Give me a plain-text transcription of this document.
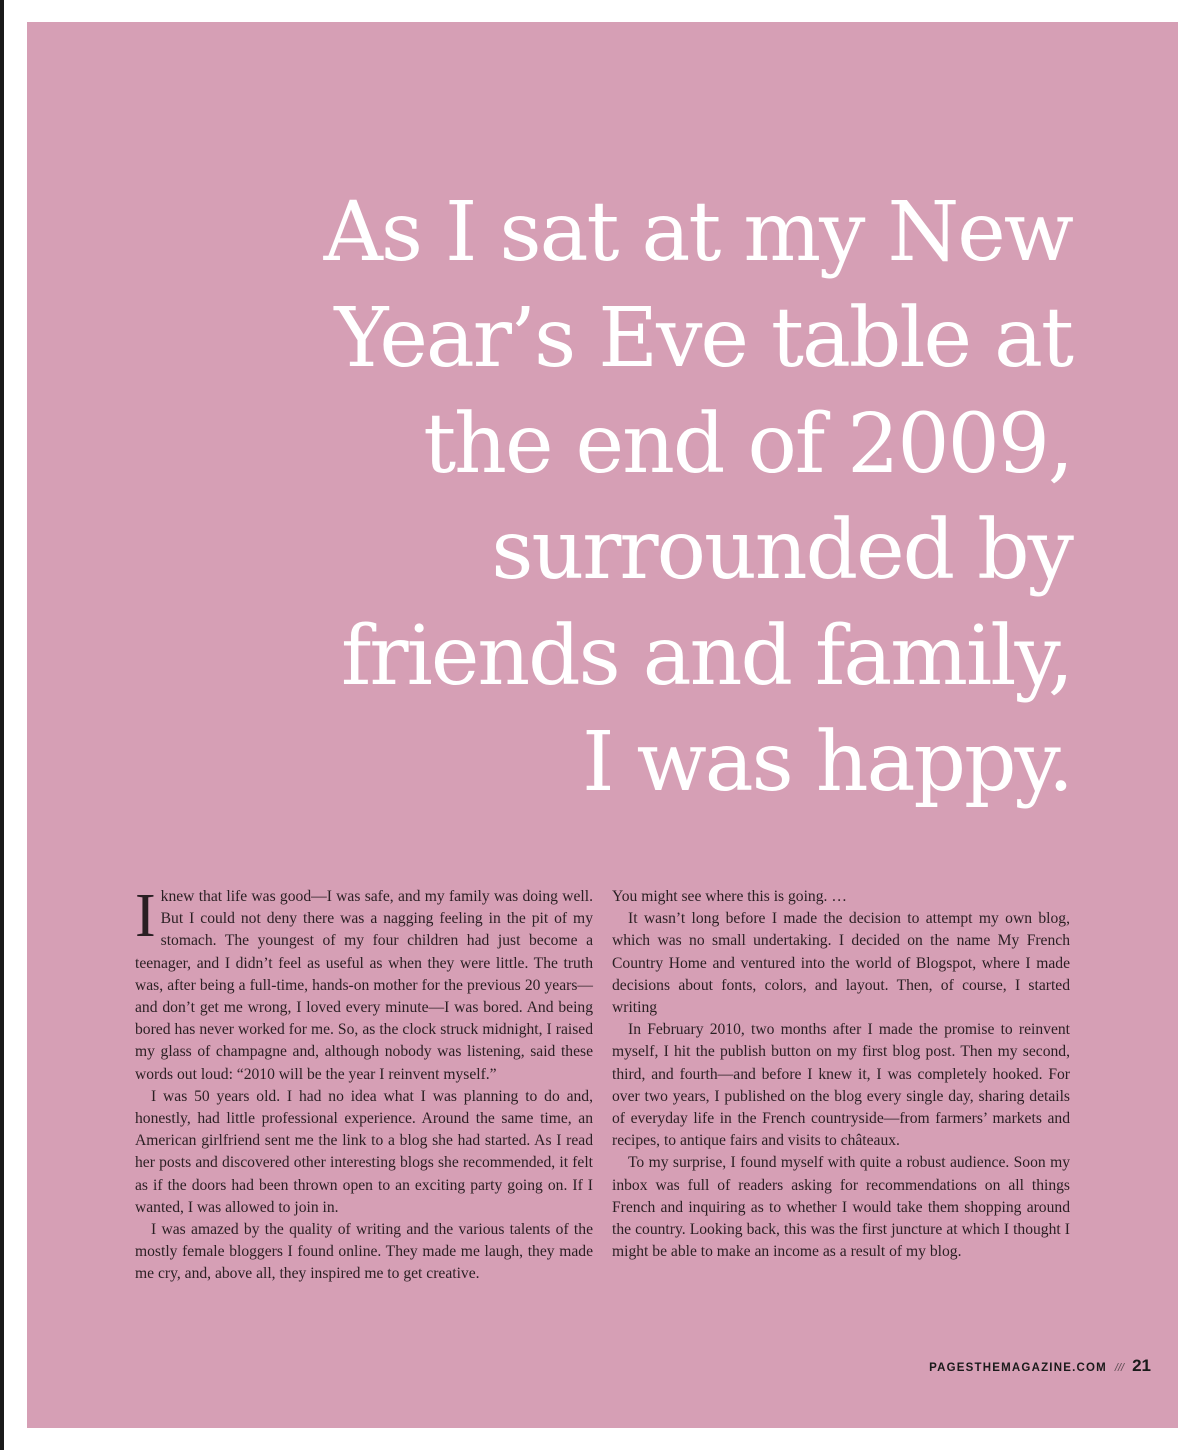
As I sat at my New
Year’s Eve table at
the end of 2009,
surrounded by
friends and family,
I was happy.

Iknew that life was good—I was safe, and my family was doing well. But I could not deny there was a nagging feeling in the pit of my stomach. The youngest of my four children had just become a teenager, and I didn’t feel as useful as when they were little. The truth was, after being a full-time, hands-on mother for the previous 20 years—and don’t get me wrong, I loved every minute—I was bored. And being bored has never worked for me. So, as the clock struck midnight, I raised my glass of champagne and, although nobody was listening, said these words out loud: “2010 will be the year I reinvent myself.”

I was 50 years old. I had no idea what I was planning to do and, honestly, had little professional experience. Around the same time, an American girlfriend sent me the link to a blog she had started. As I read her posts and discovered other interesting blogs she recommended, it felt as if the doors had been thrown open to an exciting party going on. If I wanted, I was allowed to join in.

I was amazed by the quality of writing and the various talents of the mostly female bloggers I found online. They made me laugh, they made me cry, and, above all, they inspired me to get creative.

You might see where this is going. …

It wasn’t long before I made the decision to attempt my own blog, which was no small undertaking. I decided on the name My French Country Home and ventured into the world of Blogspot, where I made decisions about fonts, colors, and layout. Then, of course, I started writing

In February 2010, two months after I made the promise to reinvent myself, I hit the publish button on my first blog post. Then my second, third, and fourth—and before I knew it, I was completely hooked. For over two years, I published on the blog every single day, sharing details of everyday life in the French countryside—from farmers’ markets and recipes, to antique fairs and visits to châteaux.

To my surprise, I found myself with quite a robust audience. Soon my inbox was full of readers asking for recommendations on all things French and inquiring as to whether I would take them shopping around the country. Looking back, this was the first juncture at which I thought I might be able to make an income as a result of my blog.

PAGESTHEMAGAZINE.COM /// 21
